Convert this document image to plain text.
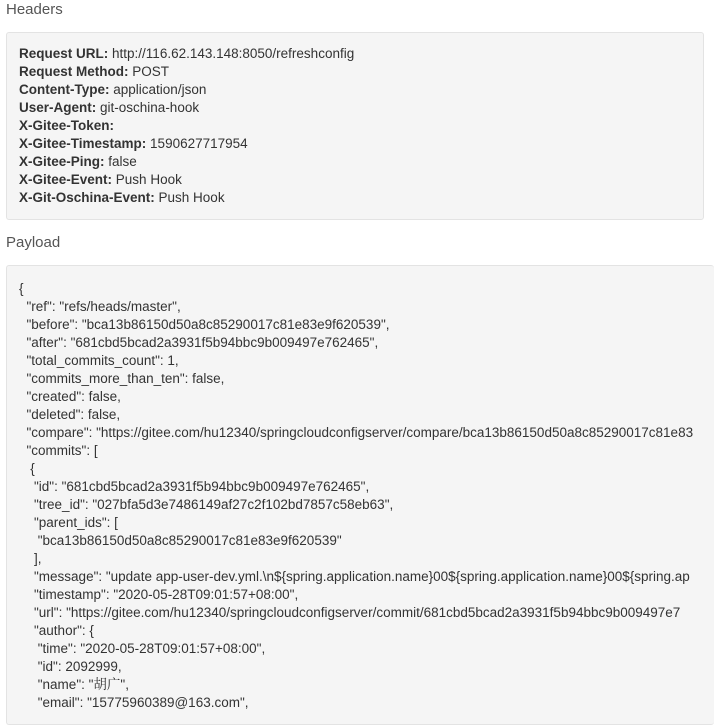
Headers
Request URL: http://116.62.143.148:8050/refreshconfig
Request Method: POST
Content-Type: application/json
User-Agent: git-oschina-hook
X-Gitee-Token:
X-Gitee-Timestamp: 1590627717954
X-Gitee-Ping: false
X-Gitee-Event: Push Hook
X-Git-Oschina-Event: Push Hook
Payload
{
"ref": "refs/heads/master",
"before": "bca13b86150d50a8c85290017c81e83e9f620539",
"after": "681cbd5bcad2a3931f5b94bbc9b009497e762465",
"total_commits_count": 1,
"commits_more_than_ten": false,
"created": false,
"deleted": false,
"compare": "https://gitee.com/hu12340/springcloudconfigserver/compare/bca13b86150d50a8c85290017c81e83
"commits": [
{
"id": "681cbd5bcad2a3931f5b94bbc9b009497e762465",
"tree_id": "027bfa5d3e7486149af27c2f102bd7857c58eb63",
"parent_ids": [
"bca13b86150d50a8c85290017c81e83e9f620539"
],
"message": "update app-user-dev.yml.\n${spring.application.name}00${spring.application.name}00${spring.ap
"timestamp": "2020-05-28T09:01:57+08:00",
"url": "https://gitee.com/hu12340/springcloudconfigserver/commit/681cbd5bcad2a3931f5b94bbc9b009497e7
"author": {
"time": "2020-05-28T09:01:57+08:00",
"id": 2092999,
"name": "胡广",
"email": "15775960389@163.com",
